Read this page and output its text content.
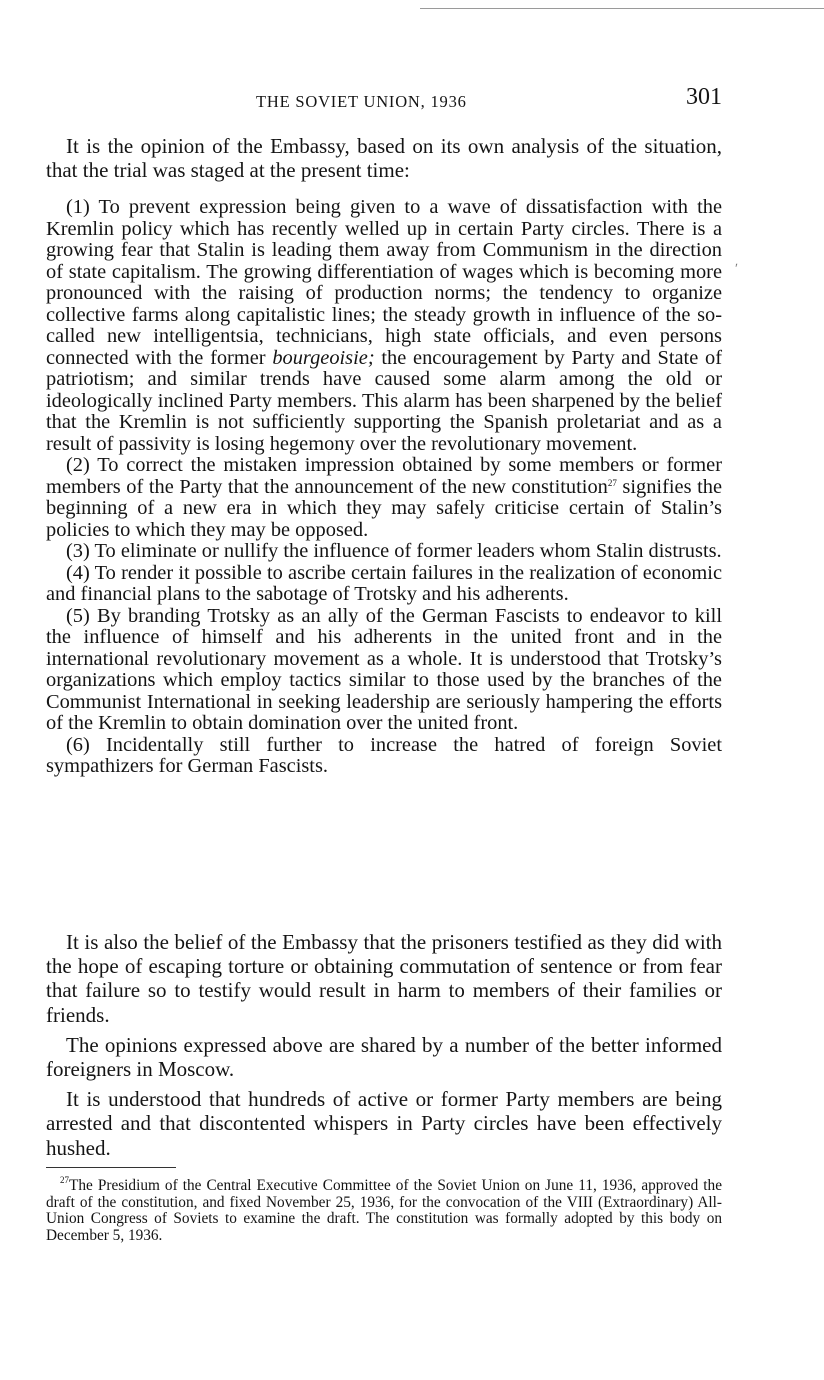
ʹ
THE SOVIET UNION, 1936	301

It is the opinion of the Embassy, based on its own analysis of the situation, that the trial was staged at the present time:

(1) To prevent expression being given to a wave of dissatisfaction with the Kremlin policy which has recently welled up in certain Party circles. There is a growing fear that Stalin is leading them away from Communism in the direction of state capitalism. The growing differentiation of wages which is becoming more pronounced with the raising of production norms; the tendency to organize collective farms along capitalistic lines; the steady growth in influence of the so-called new intelligentsia, technicians, high state officials, and even persons connected with the former bourgeoisie; the encouragement by Party and State of patriotism; and similar trends have caused some alarm among the old or ideologically inclined Party members. This alarm has been sharpened by the belief that the Kremlin is not sufficiently supporting the Spanish proletariat and as a result of passivity is losing hegemony over the revolutionary movement.

(2) To correct the mistaken impression obtained by some members or former members of the Party that the announcement of the new constitution$^{27}$ signifies the beginning of a new era in which they may safely criticise certain of Stalin’s policies to which they may be opposed.

(3) To eliminate or nullify the influence of former leaders whom Stalin distrusts.

(4) To render it possible to ascribe certain failures in the realization of economic and financial plans to the sabotage of Trotsky and his adherents.

(5) By branding Trotsky as an ally of the German Fascists to endeavor to kill the influence of himself and his adherents in the united front and in the international revolutionary movement as a whole. It is understood that Trotsky’s organizations which employ tactics similar to those used by the branches of the Communist International in seeking leadership are seriously hampering the efforts of the Kremlin to obtain domination over the united front.

(6) Incidentally still further to increase the hatred of foreign Soviet sympathizers for German Fascists.

It is also the belief of the Embassy that the prisoners testified as they did with the hope of escaping torture or obtaining commutation of sentence or from fear that failure so to testify would result in harm to members of their families or friends.

The opinions expressed above are shared by a number of the better informed foreigners in Moscow.

It is understood that hundreds of active or former Party members are being arrested and that discontented whispers in Party circles have been effectively hushed.

$^{27}$The Presidium of the Central Executive Committee of the Soviet Union on June 11, 1936, approved the draft of the constitution, and fixed November 25, 1936, for the convocation of the VIII (Extraordinary) All-Union Congress of Soviets to examine the draft. The constitution was formally adopted by this body on December 5, 1936.
